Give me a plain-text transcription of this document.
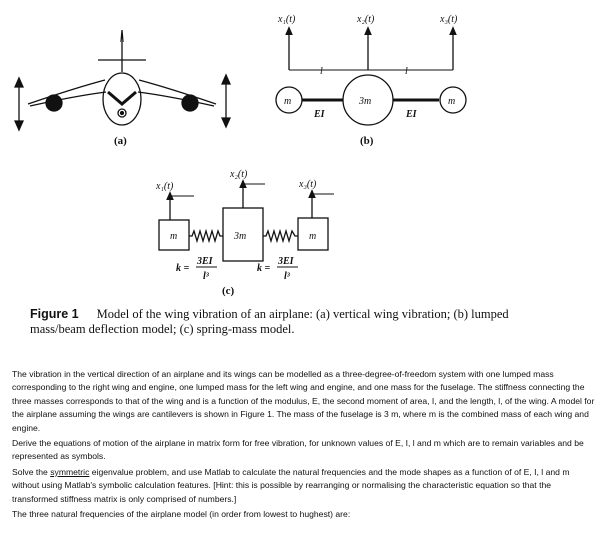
(a)
x₁(t)	x₂(t)	x₃(t)
l	l
m	3m	m
EI	EI
(b)
x₁(t)
x₂(t)
x₃(t)
m	3m	m
k =
3EI
l³
k =
3EI
l³
(c)
Figure 1 Model of the wing vibration of an airplane: (a) vertical wing vibration; (b) lumped mass/beam deflection model; (c) spring-mass model.

The vibration in the vertical direction of an airplane and its wings can be modelled as a three-degree-of-freedom system with one lumped mass corresponding to the right wing and engine, one lumped mass for the left wing and engine, and one mass for the fuselage. The stiffness connecting the three masses corresponds to that of the wing and is a function of the modulus, E, the second moment of area, I, and the length, l, of the wing. A model for the airplane assuming the wings are cantilevers is shown in Figure 1. The mass of the fuselage is 3 m, where m is the combined mass of each wing and engine.

Derive the equations of motion of the airplane in matrix form for free vibration, for unknown values of E, I, l and m which are to remain variables and be represented as symbols.

Solve the symmetric eigenvalue problem, and use Matlab to calculate the natural frequencies and the mode shapes as a function of of E, I, l and m without using Matlab's symbolic calculation features. [Hint: this is possible by rearranging or normalising the characteristic equation so that the transformed stiffness matrix is only comprised of numbers.]

The three natural frequencies of the airplane model (in order from lowest to hughest) are:
